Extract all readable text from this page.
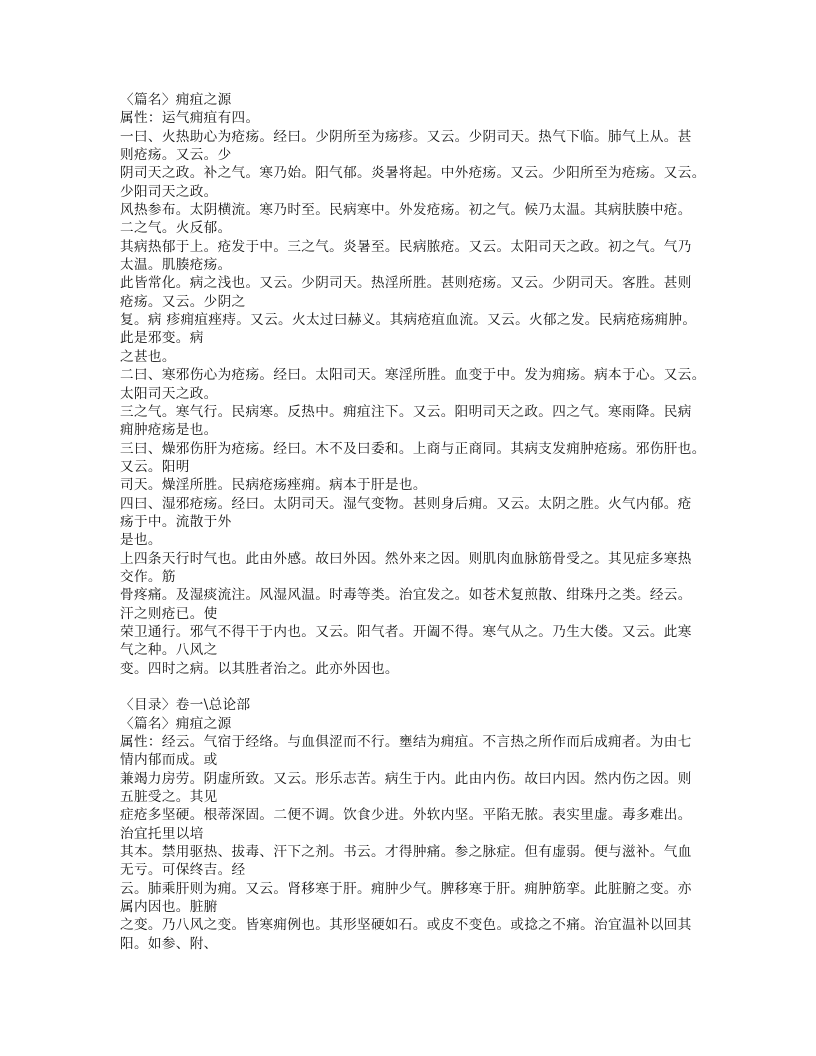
〈篇名〉痈疽之源
属性：运气痈疽有四。
一曰、火热助心为疮疡。经曰。少阴所至为疡疹。又云。少阴司天。热气下临。肺气上从。甚
则疮疡。又云。少
阴司天之政。补之气。寒乃始。阳气郁。炎暑将起。中外疮疡。又云。少阳所至为疮疡。又云。
少阳司天之政。
风热参布。太阴横流。寒乃时至。民病寒中。外发疮疡。初之气。候乃太温。其病肤腠中疮。
二之气。火反郁。
其病热郁于上。疮发于中。三之气。炎暑至。民病脓疮。又云。太阳司天之政。初之气。气乃
太温。肌腠疮疡。
此皆常化。病之浅也。又云。少阴司天。热淫所胜。甚则疮疡。又云。少阴司天。客胜。甚则
疮疡。又云。少阴之
复。病 疹痈疽痤痔。又云。火太过曰赫义。其病疮疽血流。又云。火郁之发。民病疮疡痈肿。
此是邪变。病
之甚也。
二曰、寒邪伤心为疮疡。经曰。太阳司天。寒淫所胜。血变于中。发为痈疡。病本于心。又云。
太阳司天之政。
三之气。寒气行。民病寒。反热中。痈疽注下。又云。阳明司天之政。四之气。寒雨降。民病
痈肿疮疡是也。
三曰、燥邪伤肝为疮疡。经曰。木不及曰委和。上商与正商同。其病支发痈肿疮疡。邪伤肝也。
又云。阳明
司天。燥淫所胜。民病疮疡痤痈。病本于肝是也。
四曰、湿邪疮疡。经曰。太阴司天。湿气变物。甚则身后痈。又云。太阴之胜。火气内郁。疮
疡于中。流散于外
是也。
上四条天行时气也。此由外感。故曰外因。然外来之因。则肌肉血脉筋骨受之。其见症多寒热
交作。筋
骨疼痛。及湿痰流注。风湿风温。时毒等类。治宜发之。如苍术复煎散、绀珠丹之类。经云。
汗之则疮已。使
荣卫通行。邪气不得干于内也。又云。阳气者。开阖不得。寒气从之。乃生大偻。又云。此寒
气之种。八风之
变。四时之病。以其胜者治之。此亦外因也。
〈目录〉卷一\总论部
〈篇名〉痈疽之源
属性：经云。气宿于经络。与血俱涩而不行。壅结为痈疽。不言热之所作而后成痈者。为由七
情内郁而成。或
兼竭力房劳。阴虚所致。又云。形乐志苦。病生于内。此由内伤。故曰内因。然内伤之因。则
五脏受之。其见
症疮多坚硬。根蒂深固。二便不调。饮食少进。外软内坚。平陷无脓。表实里虚。毒多难出。
治宜托里以培
其本。禁用驱热、拔毒、汗下之剂。书云。才得肿痛。参之脉症。但有虚弱。便与滋补。气血
无亏。可保终吉。经
云。肺乘肝则为痈。又云。肾移寒于肝。痈肿少气。脾移寒于肝。痈肿筋挛。此脏腑之变。亦
属内因也。脏腑
之变。乃八风之变。皆寒痈例也。其形坚硬如石。或皮不变色。或捻之不痛。治宜温补以回其
阳。如参、附、
